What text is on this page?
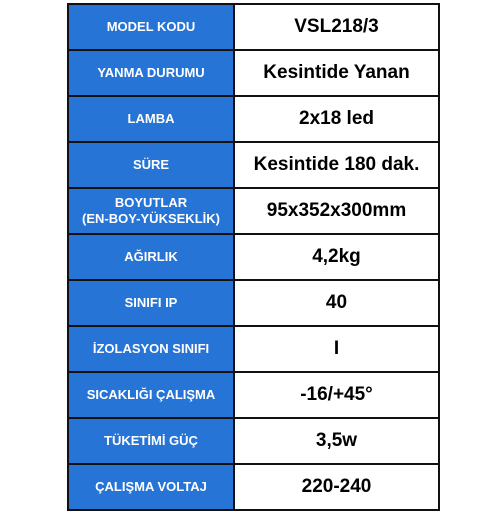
MODEL KODU	VSL218/3
YANMA DURUMU	Kesintide Yanan
LAMBA	2x18 led
SÜRE	Kesintide 180 dak.

BOYUTLAR
(EN-BOY-YÜKSEKLİK)	95x352x300mm
AĞIRLIK	4,2kg
SINIFI IP	40
İZOLASYON SINIFI	I
SICAKLIĞI ÇALIŞMA	-16/+45°
TÜKETİMİ GÜÇ	3,5w
ÇALIŞMA VOLTAJ	220-240
